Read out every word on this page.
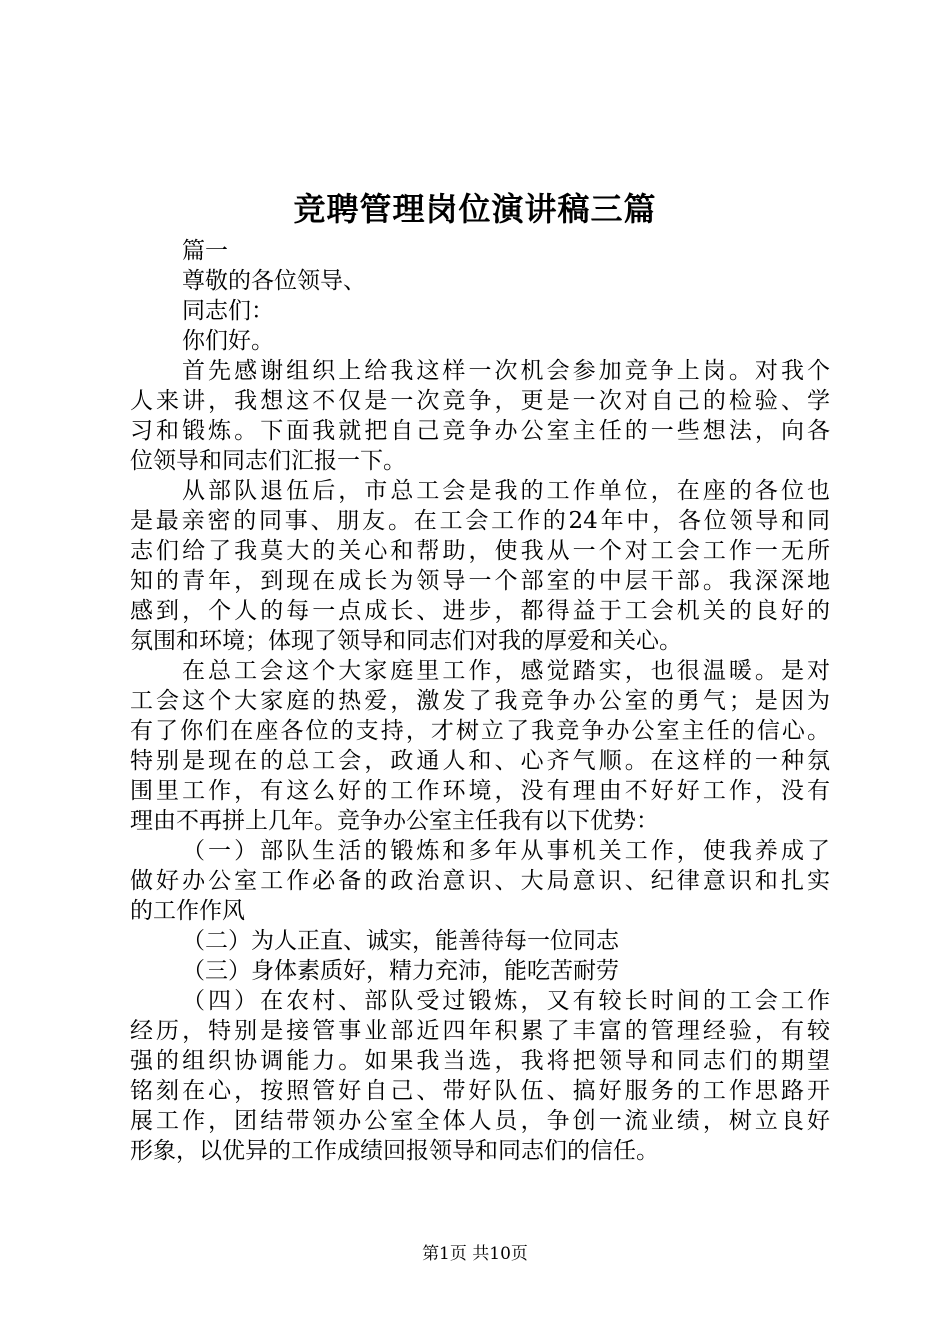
竞聘管理岗位演讲稿三篇
篇一
尊敬的各位领导、
同志们：
你们好。
首先感谢组织上给我这样一次机会参加竞争上岗。对我个
人来讲，我想这不仅是一次竞争，更是一次对自己的检验、学
习和锻炼。下面我就把自己竞争办公室主任的一些想法，向各
位领导和同志们汇报一下。
从部队退伍后，市总工会是我的工作单位，在座的各位也
是最亲密的同事、朋友。在工会工作的24年中，各位领导和同
志们给了我莫大的关心和帮助，使我从一个对工会工作一无所
知的青年，到现在成长为领导一个部室的中层干部。我深深地
感到，个人的每一点成长、进步，都得益于工会机关的良好的
氛围和环境；体现了领导和同志们对我的厚爱和关心。
在总工会这个大家庭里工作，感觉踏实，也很温暖。是对
工会这个大家庭的热爱，激发了我竞争办公室的勇气；是因为
有了你们在座各位的支持，才树立了我竞争办公室主任的信心。
特别是现在的总工会，政通人和、心齐气顺。在这样的一种氛
围里工作，有这么好的工作环境，没有理由不好好工作，没有
理由不再拼上几年。竞争办公室主任我有以下优势：
（一）部队生活的锻炼和多年从事机关工作，使我养成了
做好办公室工作必备的政治意识、大局意识、纪律意识和扎实
的工作作风
（二）为人正直、诚实，能善待每一位同志
（三）身体素质好，精力充沛，能吃苦耐劳
（四）在农村、部队受过锻炼，又有较长时间的工会工作
经历，特别是接管事业部近四年积累了丰富的管理经验，有较
强的组织协调能力。如果我当选，我将把领导和同志们的期望
铭刻在心，按照管好自己、带好队伍、搞好服务的工作思路开
展工作，团结带领办公室全体人员，争创一流业绩，树立良好
形象，以优异的工作成绩回报领导和同志们的信任。
第1页 共10页
